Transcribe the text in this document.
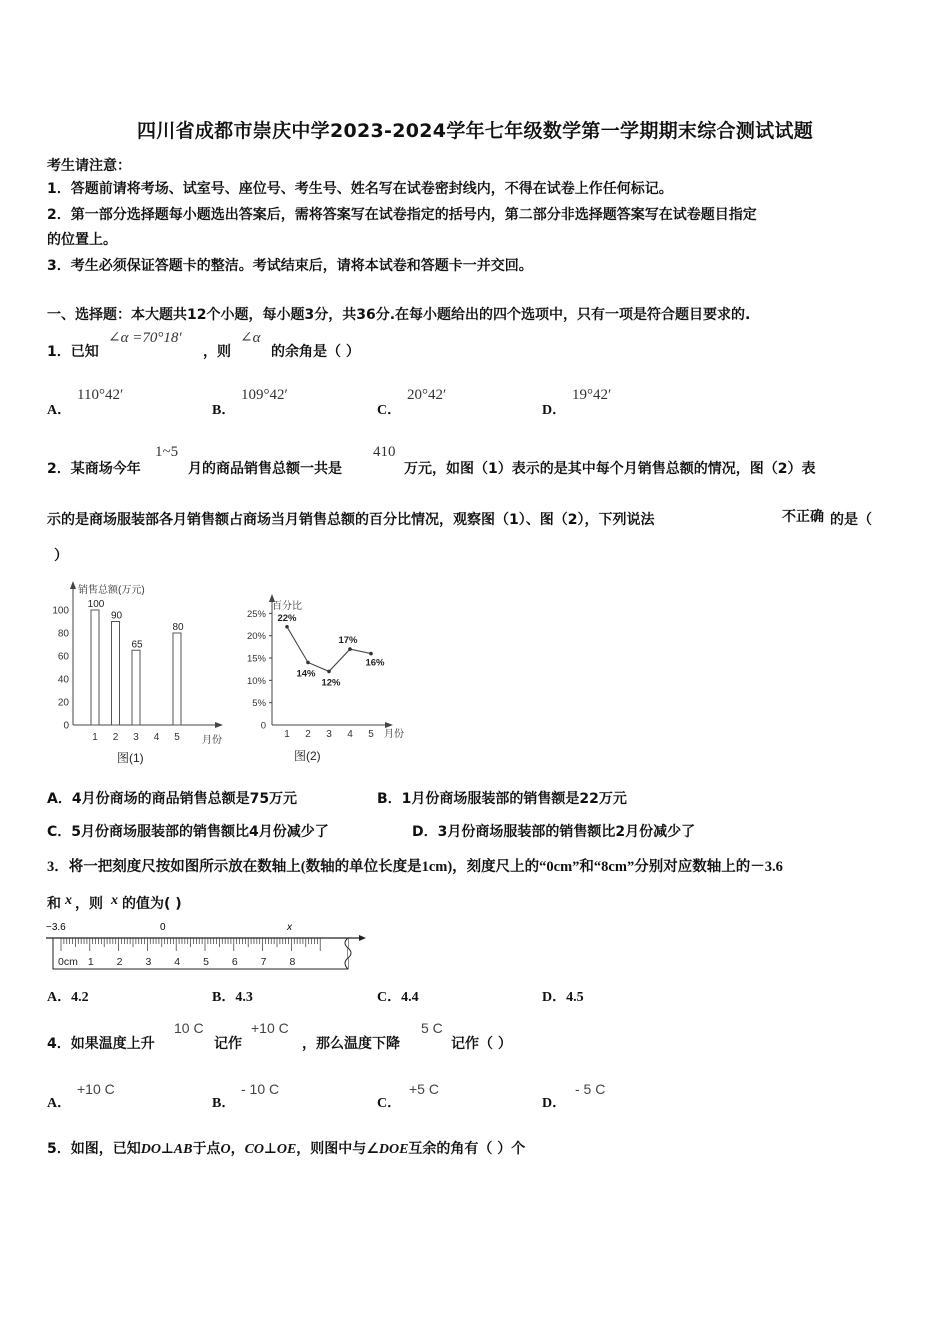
四川省成都市崇庆中学2023-2024学年七年级数学第一学期期末综合测试试题
考生请注意：
1．答题前请将考场、试室号、座位号、考生号、姓名写在试卷密封线内，不得在试卷上作任何标记。
2．第一部分选择题每小题选出答案后，需将答案写在试卷指定的括号内，第二部分非选择题答案写在试卷题目指定
的位置上。
3．考生必须保证答题卡的整洁。考试结束后，请将本试卷和答题卡一并交回。
一、选择题：本大题共12个小题，每小题3分，共36分.在每小题给出的四个选项中，只有一项是符合题目要求的.
1．已知
∠α =70°18′
，则
∠α
的余角是（ ）
A．
110°42′
B．
109°42′
C．
20°42′
D．
19°42′
2．某商场今年
1~5
月的商品销售总额一共是
410
万元，如图（1）表示的是其中每个月销售总额的情况，图（2）表
示的是商场服装部各月销售额占商场当月销售总额的百分比情况，观察图（1）、图（2），下列说法	不正确 的是（
）
销售总额(万元)
月份
图(1)
0
20
40
60
80
100
1 2 3 4 5
100
90
65
80
百分比
月份
图(2)
0
5%
10%
15%
20%
25%
1 2 3 4 5
22%
14%
12%
17%
16%
A．4月份商场的商品销售总额是75万元	B．1月份商场服装部的销售额是22万元
C．5月份商场服装部的销售额比4月份减少了	D．3月份商场服装部的销售额比2月份减少了
3．将一把刻度尺按如图所示放在数轴上(数轴的单位长度是1cm)，刻度尺上的“0cm”和“8cm”分别对应数轴上的－3.6
和 x ，则 x 的值为( )
−3.6	0	x
0cm 1 2 3 4 5 6 7 8
A．4.2	B．4.3	C．4.4	D．4.5
4．如果温度上升
10 C
记作
+10 C
，那么温度下降
5 C
记作（ ）
A．
+10 C
B．
- 10 C
C．
+5 C
D．
- 5 C
5．如图，已知DO⊥AB于点O，CO⊥OE，则图中与∠DOE互余的角有（ ）个
